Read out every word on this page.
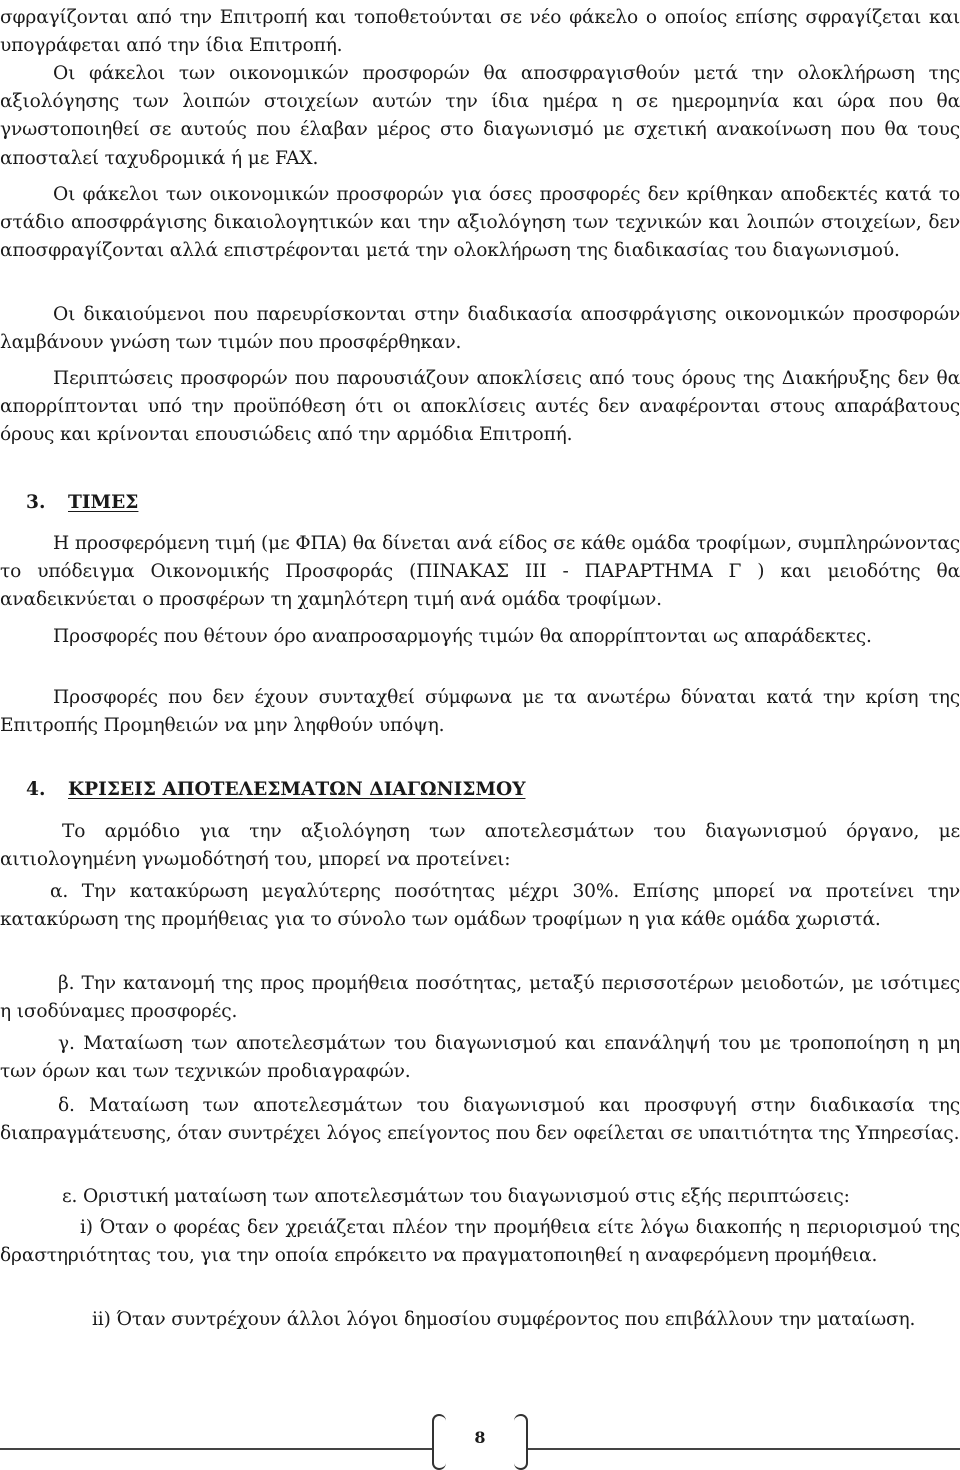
σφραγίζονται από την Επιτροπή και τοποθετούνται σε νέο φάκελο ο οποίος επίσης σφραγίζεται και υπογράφεται από την ίδια Επιτροπή.

Οι φάκελοι των οικονομικών προσφορών θα αποσφραγισθούν μετά την ολοκλήρωση της αξιολόγησης των λοιπών στοιχείων αυτών την ίδια ημέρα η σε ημερομηνία και ώρα που θα γνωστοποιηθεί σε αυτούς που έλαβαν μέρος στο διαγωνισμό με σχετική ανακοίνωση που θα τους αποσταλεί ταχυδρομικά ή με FAX.

Οι φάκελοι των οικονομικών προσφορών για όσες προσφορές δεν κρίθηκαν αποδεκτές κατά το στάδιο αποσφράγισης δικαιολογητικών και την αξιολόγηση των τεχνικών και λοιπών στοιχείων, δεν αποσφραγίζονται αλλά επιστρέφονται μετά την ολοκλήρωση της διαδικασίας του διαγωνισμού.

Οι δικαιούμενοι που παρευρίσκονται στην διαδικασία αποσφράγισης οικονομικών προσφορών λαμβάνουν γνώση των τιμών που προσφέρθηκαν.

Περιπτώσεις προσφορών που παρουσιάζουν αποκλίσεις από τους όρους της Διακήρυξης δεν θα απορρίπτονται υπό την προϋπόθεση ότι οι αποκλίσεις αυτές δεν αναφέρονται στους απαράβατους όρους και κρίνονται επουσιώδεις από την αρμόδια Επιτροπή.

3. ΤΙΜΕΣ

Η προσφερόμενη τιμή (με ΦΠΑ) θα δίνεται ανά είδος σε κάθε ομάδα τροφίμων, συμπληρώνοντας το υπόδειγμα Οικονομικής Προσφοράς (ΠΙΝΑΚΑΣ ΙΙΙ - ΠΑΡΑΡΤΗΜΑ Γ ) και μειοδότης θα αναδεικνύεται ο προσφέρων τη χαμηλότερη τιμή ανά ομάδα τροφίμων.

Προσφορές που θέτουν όρο αναπροσαρμογής τιμών θα απορρίπτονται ως απαράδεκτες.

Προσφορές που δεν έχουν συνταχθεί σύμφωνα με τα ανωτέρω δύναται κατά την κρίση της Επιτροπής Προμηθειών να μην ληφθούν υπόψη.

4. ΚΡΙΣΕΙΣ ΑΠΟΤΕΛΕΣΜΑΤΩΝ ΔΙΑΓΩΝΙΣΜΟΥ

Το αρμόδιο για την αξιολόγηση των αποτελεσμάτων του διαγωνισμού όργανο, με αιτιολογημένη γνωμοδότησή του, μπορεί να προτείνει:

α. Την κατακύρωση μεγαλύτερης ποσότητας μέχρι 30%. Επίσης μπορεί να προτείνει την κατακύρωση της προμήθειας για το σύνολο των ομάδων τροφίμων η για κάθε ομάδα χωριστά.

β. Την κατανομή της προς προμήθεια ποσότητας, μεταξύ περισσοτέρων μειοδοτών, με ισότιμες η ισοδύναμες προσφορές.

γ. Ματαίωση των αποτελεσμάτων του διαγωνισμού και επανάληψή του με τροποποίηση η μη των όρων και των τεχνικών προδιαγραφών.

δ. Ματαίωση των αποτελεσμάτων του διαγωνισμού και προσφυγή στην διαδικασία της διαπραγμάτευσης, όταν συντρέχει λόγος επείγοντος που δεν οφείλεται σε υπαιτιότητα της Υπηρεσίας.

ε. Οριστική ματαίωση των αποτελεσμάτων του διαγωνισμού στις εξής περιπτώσεις:

i) Όταν ο φορέας δεν χρειάζεται πλέον την προμήθεια είτε λόγω διακοπής η περιορισμού της δραστηριότητας του, για την οποία επρόκειτο να πραγματοποιηθεί η αναφερόμενη προμήθεια.

ii) Όταν συντρέχουν άλλοι λόγοι δημοσίου συμφέροντος που επιβάλλουν την ματαίωση.

8
